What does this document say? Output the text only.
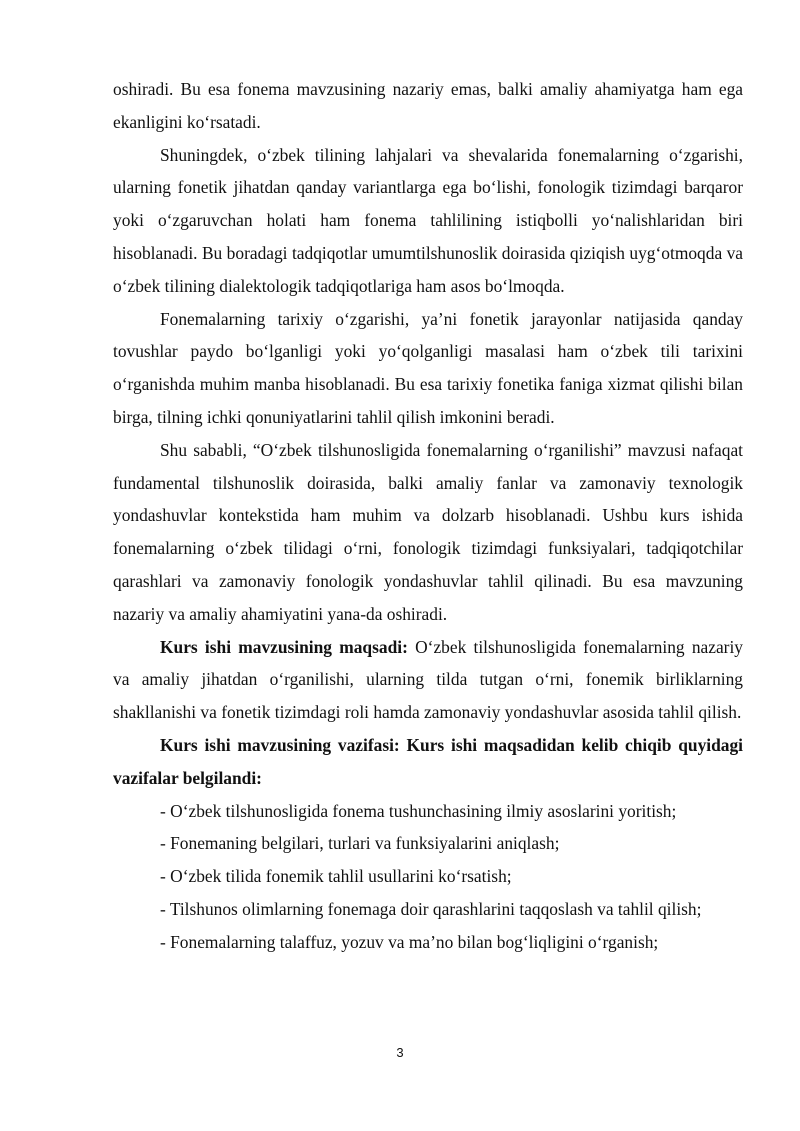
oshiradi. Bu esa fonema mavzusining nazariy emas, balki amaliy ahamiyatga ham ega ekanligini ko‘rsatadi.

Shuningdek, o‘zbek tilining lahjalari va shevalarida fonemalarning o‘zgarishi, ularning fonetik jihatdan qanday variantlarga ega bo‘lishi, fonologik tizimdagi barqaror yoki o‘zgaruvchan holati ham fonema tahlilining istiqbolli yo‘nalishlaridan biri hisoblanadi. Bu boradagi tadqiqotlar umumtilshunoslik doirasida qiziqish uyg‘otmoqda va o‘zbek tilining dialektologik tadqiqotlariga ham asos bo‘lmoqda.

Fonemalarning tarixiy o‘zgarishi, ya’ni fonetik jarayonlar natijasida qanday tovushlar paydo bo‘lganligi yoki yo‘qolganligi masalasi ham o‘zbek tili tarixini o‘rganishda muhim manba hisoblanadi. Bu esa tarixiy fonetika faniga xizmat qilishi bilan birga, tilning ichki qonuniyatlarini tahlil qilish imkonini beradi.

Shu sababli, “O‘zbek tilshunosligida fonemalarning o‘rganilishi” mavzusi nafaqat fundamental tilshunoslik doirasida, balki amaliy fanlar va zamonaviy texnologik yondashuvlar kontekstida ham muhim va dolzarb hisoblanadi. Ushbu kurs ishida fonemalarning o‘zbek tilidagi o‘rni, fonologik tizimdagi funksiyalari, tadqiqotchilar qarashlari va zamonaviy fonologik yondashuvlar tahlil qilinadi. Bu esa mavzuning nazariy va amaliy ahamiyatini yana-da oshiradi.

Kurs ishi mavzusining maqsadi: O‘zbek tilshunosligida fonemalarning nazariy va amaliy jihatdan o‘rganilishi, ularning tilda tutgan o‘rni, fonemik birliklarning shakllanishi va fonetik tizimdagi roli hamda zamonaviy yondashuvlar asosida tahlil qilish.

Kurs ishi mavzusining vazifasi: Kurs ishi maqsadidan kelib chiqib quyidagi vazifalar belgilandi:

- O‘zbek tilshunosligida fonema tushunchasining ilmiy asoslarini yoritish;

- Fonemaning belgilari, turlari va funksiyalarini aniqlash;

- O‘zbek tilida fonemik tahlil usullarini ko‘rsatish;

- Tilshunos olimlarning fonemaga doir qarashlarini taqqoslash va tahlil qilish;

- Fonemalarning talaffuz, yozuv va ma’no bilan bog‘liqligini o‘rganish;

3
